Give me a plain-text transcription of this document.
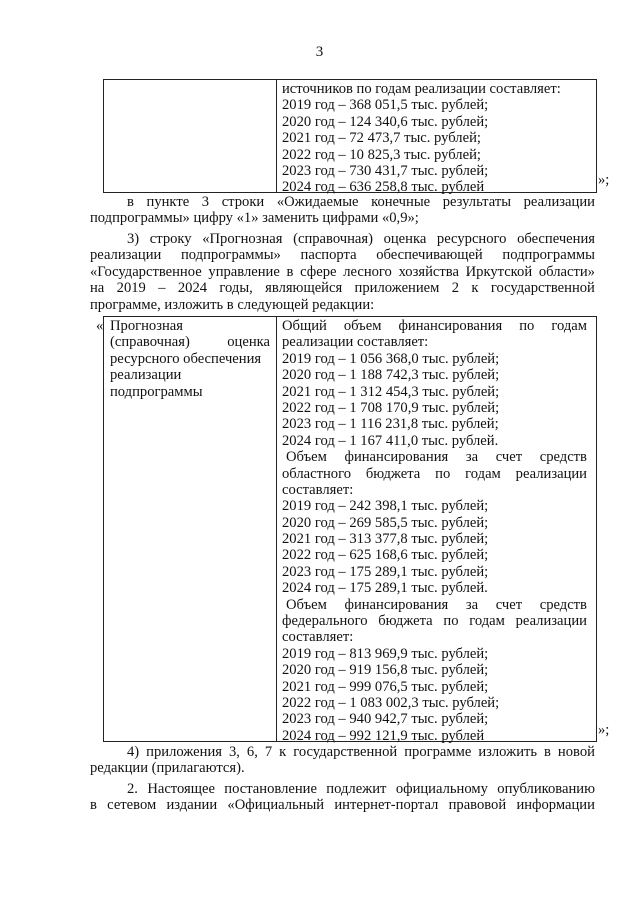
3
источников по годам реализации составляет:
2019 год – 368 051,5 тыс. рублей;
2020 год – 124 340,6 тыс. рублей;
2021 год – 72 473,7 тыс. рублей;
2022 год – 10 825,3 тыс. рублей;
2023 год – 730 431,7 тыс. рублей;
2024 год – 636 258,8 тыс. рублей	»;
в пункте 3 строки «Ожидаемые конечные результаты реализации
подпрограммы» цифру «1» заменить цифрами «0,9»;
3) строку «Прогнозная (справочная) оценка ресурсного обеспечения
реализации подпрограммы» паспорта обеспечивающей подпрограммы
«Государственное управление в сфере лесного хозяйства Иркутской области»
на 2019 – 2024 годы, являющейся приложением 2 к государственной
программе, изложить в следующей редакции:
« Прогнозная
(справочная)	оценка
ресурсного обеспечения
реализации
подпрограммы
Общий объем финансирования по годам
реализации составляет:
2019 год – 1 056 368,0 тыс. рублей;
2020 год – 1 188 742,3 тыс. рублей;
2021 год – 1 312 454,3 тыс. рублей;
2022 год – 1 708 170,9 тыс. рублей;
2023 год – 1 116 231,8 тыс. рублей;
2024 год – 1 167 411,0 тыс. рублей.
Объем финансирования за счет средств
областного бюджета по годам реализации
составляет:
2019 год – 242 398,1 тыс. рублей;
2020 год – 269 585,5 тыс. рублей;
2021 год – 313 377,8 тыс. рублей;
2022 год – 625 168,6 тыс. рублей;
2023 год – 175 289,1 тыс. рублей;
2024 год – 175 289,1 тыс. рублей.
Объем финансирования за счет средств
федерального бюджета по годам реализации
составляет:
2019 год – 813 969,9 тыс. рублей;
2020 год – 919 156,8 тыс. рублей;
2021 год – 999 076,5 тыс. рублей;
2022 год – 1 083 002,3 тыс. рублей;
2023 год – 940 942,7 тыс. рублей;
2024 год – 992 121,9 тыс. рублей	»;
4) приложения 3, 6, 7 к государственной программе изложить в новой
редакции (прилагаются).
2. Настоящее постановление подлежит официальному опубликованию
в сетевом издании «Официальный интернет-портал правовой информации
